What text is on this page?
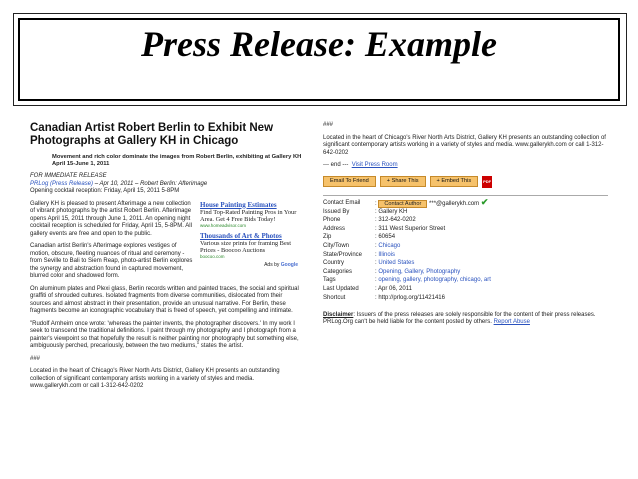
Press Release: Example
Canadian Artist Robert Berlin to Exhibit New Photographs at Gallery KH in Chicago
Movement and rich color dominate the images from Robert Berlin, exhibiting at Gallery KH April 15-June 1, 2011
FOR IMMEDIATE RELEASE
PRLog (Press Release) – Apr 10, 2011 – Robert Berlin: Afterimage
Opening cocktail reception: Friday, April 15, 2011 5-8PM
Gallery KH is pleased to present Afterimage a new collection of vibrant photographs by the artist Robert Berlin. Afterimage opens April 15, 2011 through June 1, 2011. An opening night cocktail reception is scheduled for Friday, April 15, 5-8PM. All gallery events are free and open to the public.
Canadian artist Berlin's Afterimage explores vestiges of motion, obscure, fleeting nuances of ritual and ceremony - from Seville to Bali to Siem Reap, photo-artist Berlin explores the synergy and abstraction found in captured movement, blurred color and shadowed form.
House Painting Estimates
Find Top-Rated Painting Pros in Your Area. Get 4 Free Bids Today!
www.homeadvisor.com
Thousands of Art & Photos
Various size prints for framing Best Prices - Boocoo Auctions
boocoo.com
Ads by Google
On aluminum plates and Plexi glass, Berlin records written and painted traces, the social and spiritual graffiti of shrouded cultures. Isolated fragments from diverse communities, dislocated from their sources and almost abstract in their presentation, provide an unusual narrative. For Berlin, these fragments become an iconographic vocabulary that is freed of speech, yet compelling and intimate.
"Rudolf Arnheim once wrote: 'whereas the painter invents, the photographer discovers.' In my work I seek to transcend the traditional definitions. I paint through my photography and I photograph from a painter's viewpoint so that hopefully the result is neither painting nor photography but something else, ambiguously perched, precariously, between the two mediums," states the artist.
###
Located in the heart of Chicago's River North Arts District, Gallery KH presents an outstanding collection of significant contemporary artists working in a variety of styles and media. www.gallerykh.com or call 1-312-642-0202
###
Located in the heart of Chicago's River North Arts District, Gallery KH presents an outstanding collection of significant contemporary artists working in a variety of styles and media. www.gallerykh.com or call 1-312-642-0202
--- end --- Visit Press Room
Email To Friend	+ Share This	+ Embed This	PDF
Contact Email	: Contact Author ***@gallerykh.com ✔
Issued By	: Gallery KH
Phone	: 312-642-0202
Address	: 311 West Superior Street
Zip	: 60654
City/Town	: Chicago
State/Province	: Illinois
Country	: United States
Categories	: Opening, Gallery, Photography
Tags	: opening, gallery, photography, chicago, art
Last Updated	: Apr 06, 2011
Shortcut	: http://prlog.org/11421416
Disclaimer: Issuers of the press releases are solely responsible for the content of their press releases. PRLog.Org can't be held liable for the content posted by others. Report Abuse
